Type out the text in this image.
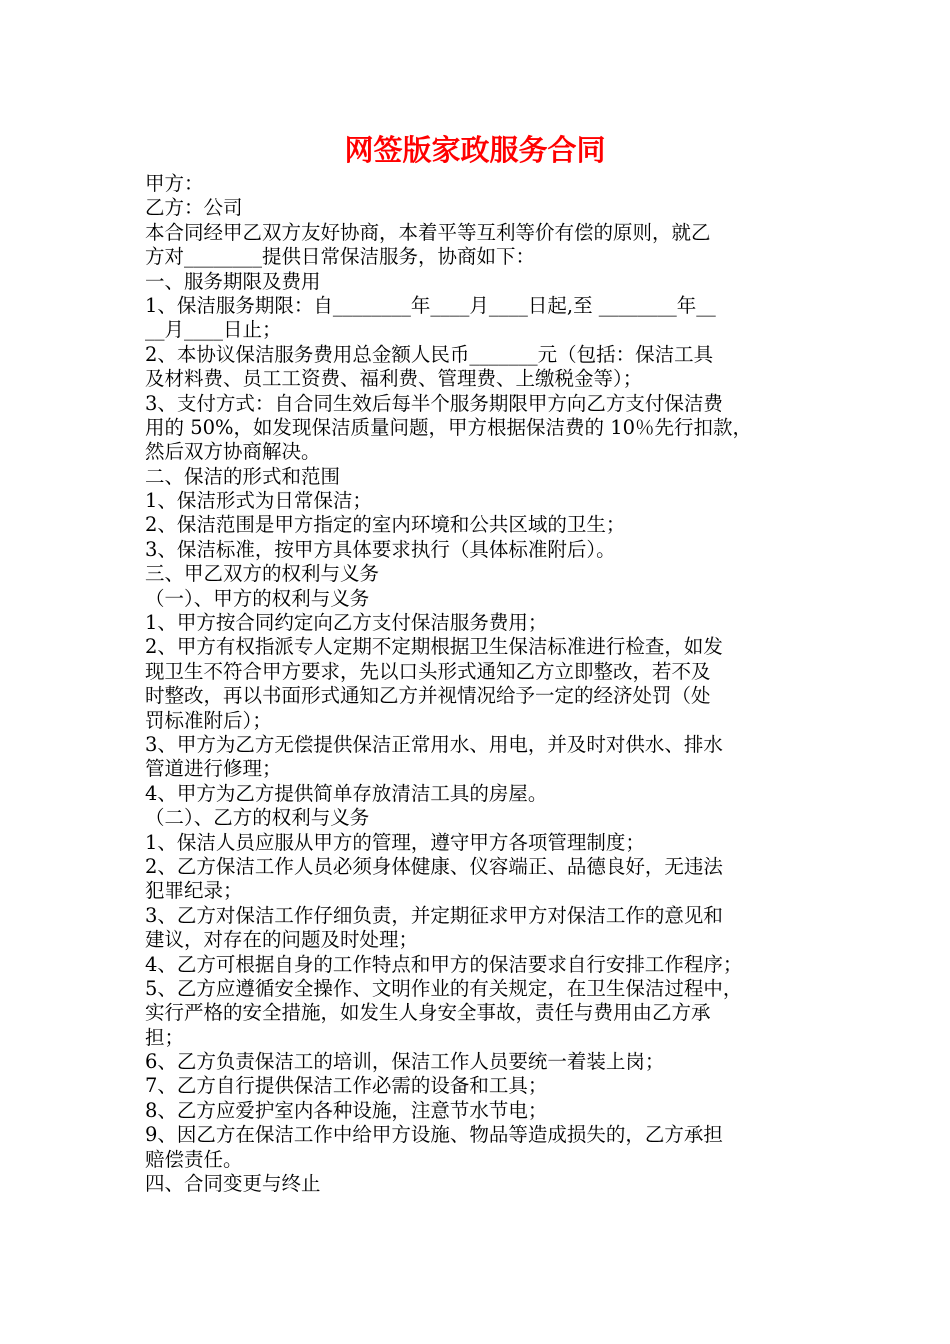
网签版家政服务合同
甲方：
乙方：公司
本合同经甲乙双方友好协商，本着平等互利等价有偿的原则，就乙
方对________提供日常保洁服务，协商如下：
一、服务期限及费用
1、保洁服务期限：自________年____月____日起,至 ________年__
__月____日止；
2、本协议保洁服务费用总金额人民币_______元（包括：保洁工具
及材料费、员工工资费、福利费、管理费、上缴税金等）；
3、支付方式：自合同生效后每半个服务期限甲方向乙方支付保洁费
用的 50%，如发现保洁质量问题，甲方根据保洁费的 10％先行扣款，
然后双方协商解决。
二、保洁的形式和范围
1、保洁形式为日常保洁；
2、保洁范围是甲方指定的室内环境和公共区域的卫生；
3、保洁标准，按甲方具体要求执行（具体标准附后）。
三、甲乙双方的权利与义务
（一）、甲方的权利与义务
1、甲方按合同约定向乙方支付保洁服务费用；
2、甲方有权指派专人定期不定期根据卫生保洁标准进行检查，如发
现卫生不符合甲方要求，先以口头形式通知乙方立即整改，若不及
时整改，再以书面形式通知乙方并视情况给予一定的经济处罚（处
罚标准附后）；
3、甲方为乙方无偿提供保洁正常用水、用电，并及时对供水、排水
管道进行修理；
4、甲方为乙方提供简单存放清洁工具的房屋。
（二）、乙方的权利与义务
1、保洁人员应服从甲方的管理，遵守甲方各项管理制度；
2、乙方保洁工作人员必须身体健康、仪容端正、品德良好，无违法
犯罪纪录；
3、乙方对保洁工作仔细负责，并定期征求甲方对保洁工作的意见和
建议，对存在的问题及时处理；
4、乙方可根据自身的工作特点和甲方的保洁要求自行安排工作程序；
5、乙方应遵循安全操作、文明作业的有关规定，在卫生保洁过程中，
实行严格的安全措施，如发生人身安全事故，责任与费用由乙方承
担；
6、乙方负责保洁工的培训，保洁工作人员要统一着装上岗；
7、乙方自行提供保洁工作必需的设备和工具；
8、乙方应爱护室内各种设施，注意节水节电；
9、因乙方在保洁工作中给甲方设施、物品等造成损失的，乙方承担
赔偿责任。
四、合同变更与终止
